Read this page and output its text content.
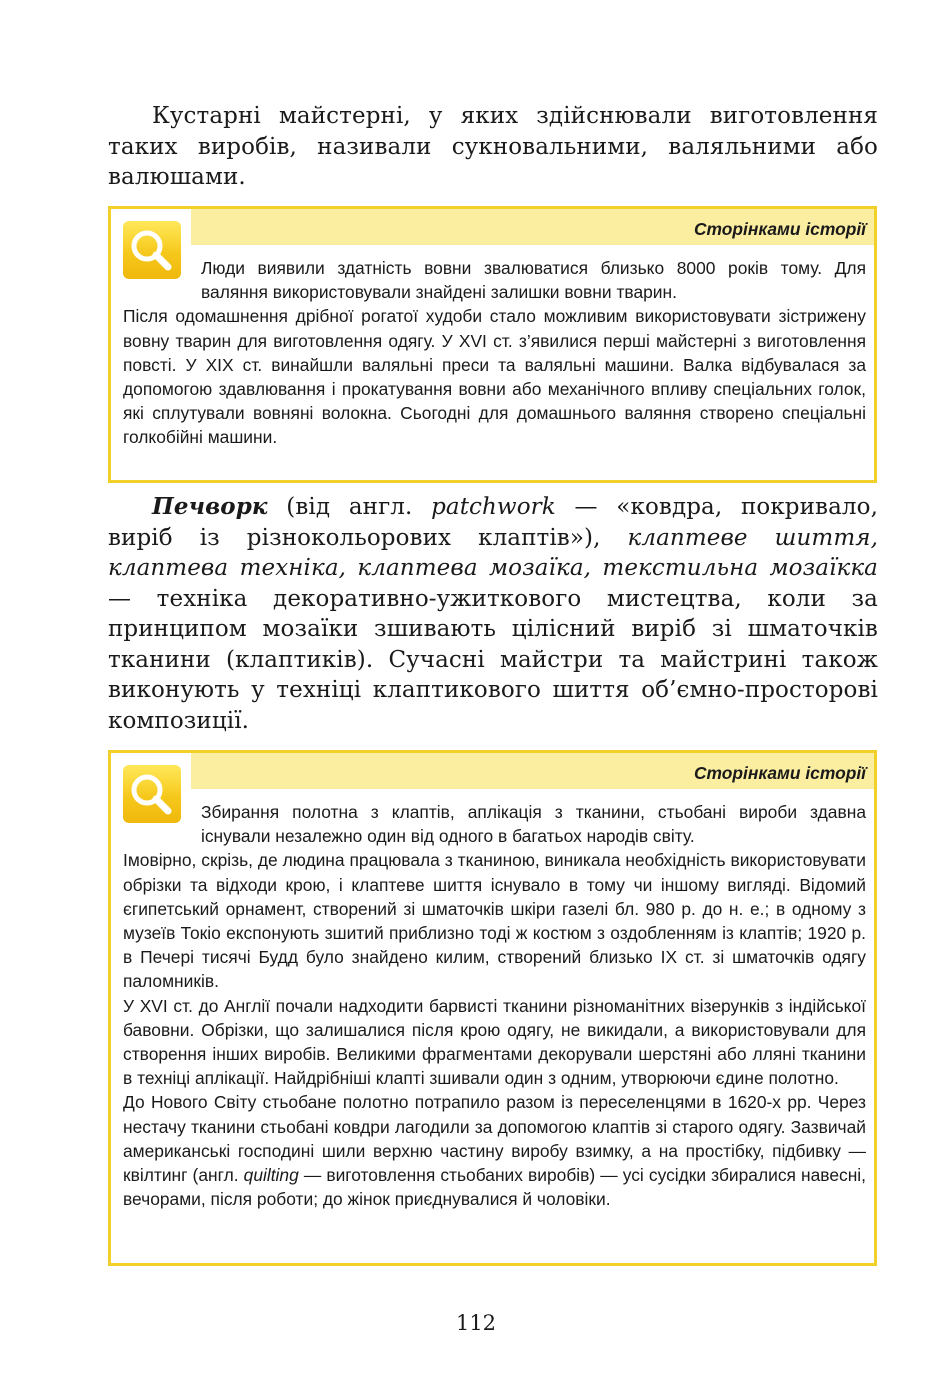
Кустарні майстерні, у яких здійснювали виготовлення таких виробів, називали сукновальними, валяльними або валюшами.

Сторінками історії

Люди виявили здатність вовни звалюватися близько 8000 років тому. Для валяння використовували знайдені залишки вовни тварин.

Після одомашнення дрібної рогатої худоби стало можливим використовувати зістрижену вовну тварин для виготовлення одягу. У XVI ст. з’явилися перші майстерні з виготовлення повсті. У XIX ст. винайшли валяльні преси та валяльні машини. Валка відбувалася за допомогою здавлювання і прокатування вовни або механічного впливу спеціальних голок, які сплутували вовняні волокна. Сьогодні для домашнього валяння створено спеціальні голкобійні машини.

Печворк (від англ. patchwork — «ковдра, покривало, виріб із різнокольорових клаптів»), клаптеве шиття, клаптева техніка, клаптева мозаїка, текстильна мозаїкка — техніка декоративно-ужиткового мистецтва, коли за принципом мозаїки зшивають цілісний виріб зі шматочків тканини (клаптиків). Сучасні майстри та майстрині також виконують у техніці клаптикового шиття об’ємно-просторові композиції.

Сторінками історії

Збирання полотна з клаптів, аплікація з тканини, стьобані вироби здавна існували незалежно один від одного в багатьох народів світу.

Імовірно, скрізь, де людина працювала з тканиною, виникала необхідність використовувати обрізки та відходи крою, і клаптеве шиття існувало в тому чи іншому вигляді. Відомий єгипетський орнамент, створений зі шматочків шкіри газелі бл. 980 р. до н. е.; в одному з музеїв Токіо експонують зшитий приблизно тоді ж костюм з оздобленням із клаптів; 1920 р. в Печері тисячі Будд було знайдено килим, створений близько IX ст. зі шматочків одягу паломників.

У XVI ст. до Англії почали надходити барвисті тканини різноманітних візерунків з індійської бавовни. Обрізки, що залишалися після крою одягу, не викидали, а використовували для створення інших виробів. Великими фрагментами декорували шерстяні або лляні тканини в техніці аплікації. Найдрібніші клапті зшивали один з одним, утворюючи єдине полотно.

До Нового Світу стьобане полотно потрапило разом із переселенцями в 1620-х рр. Через нестачу тканини стьобані ковдри лагодили за допомогою клаптів зі старого одягу. Зазвичай американські господині шили верхню частину виробу взимку, а на простібку, підбивку — квілтинг (англ. quilting — виготовлення стьобаних виробів) — усі сусідки збиралися навесні, вечорами, після роботи; до жінок приєднувалися й чоловіки.

112
